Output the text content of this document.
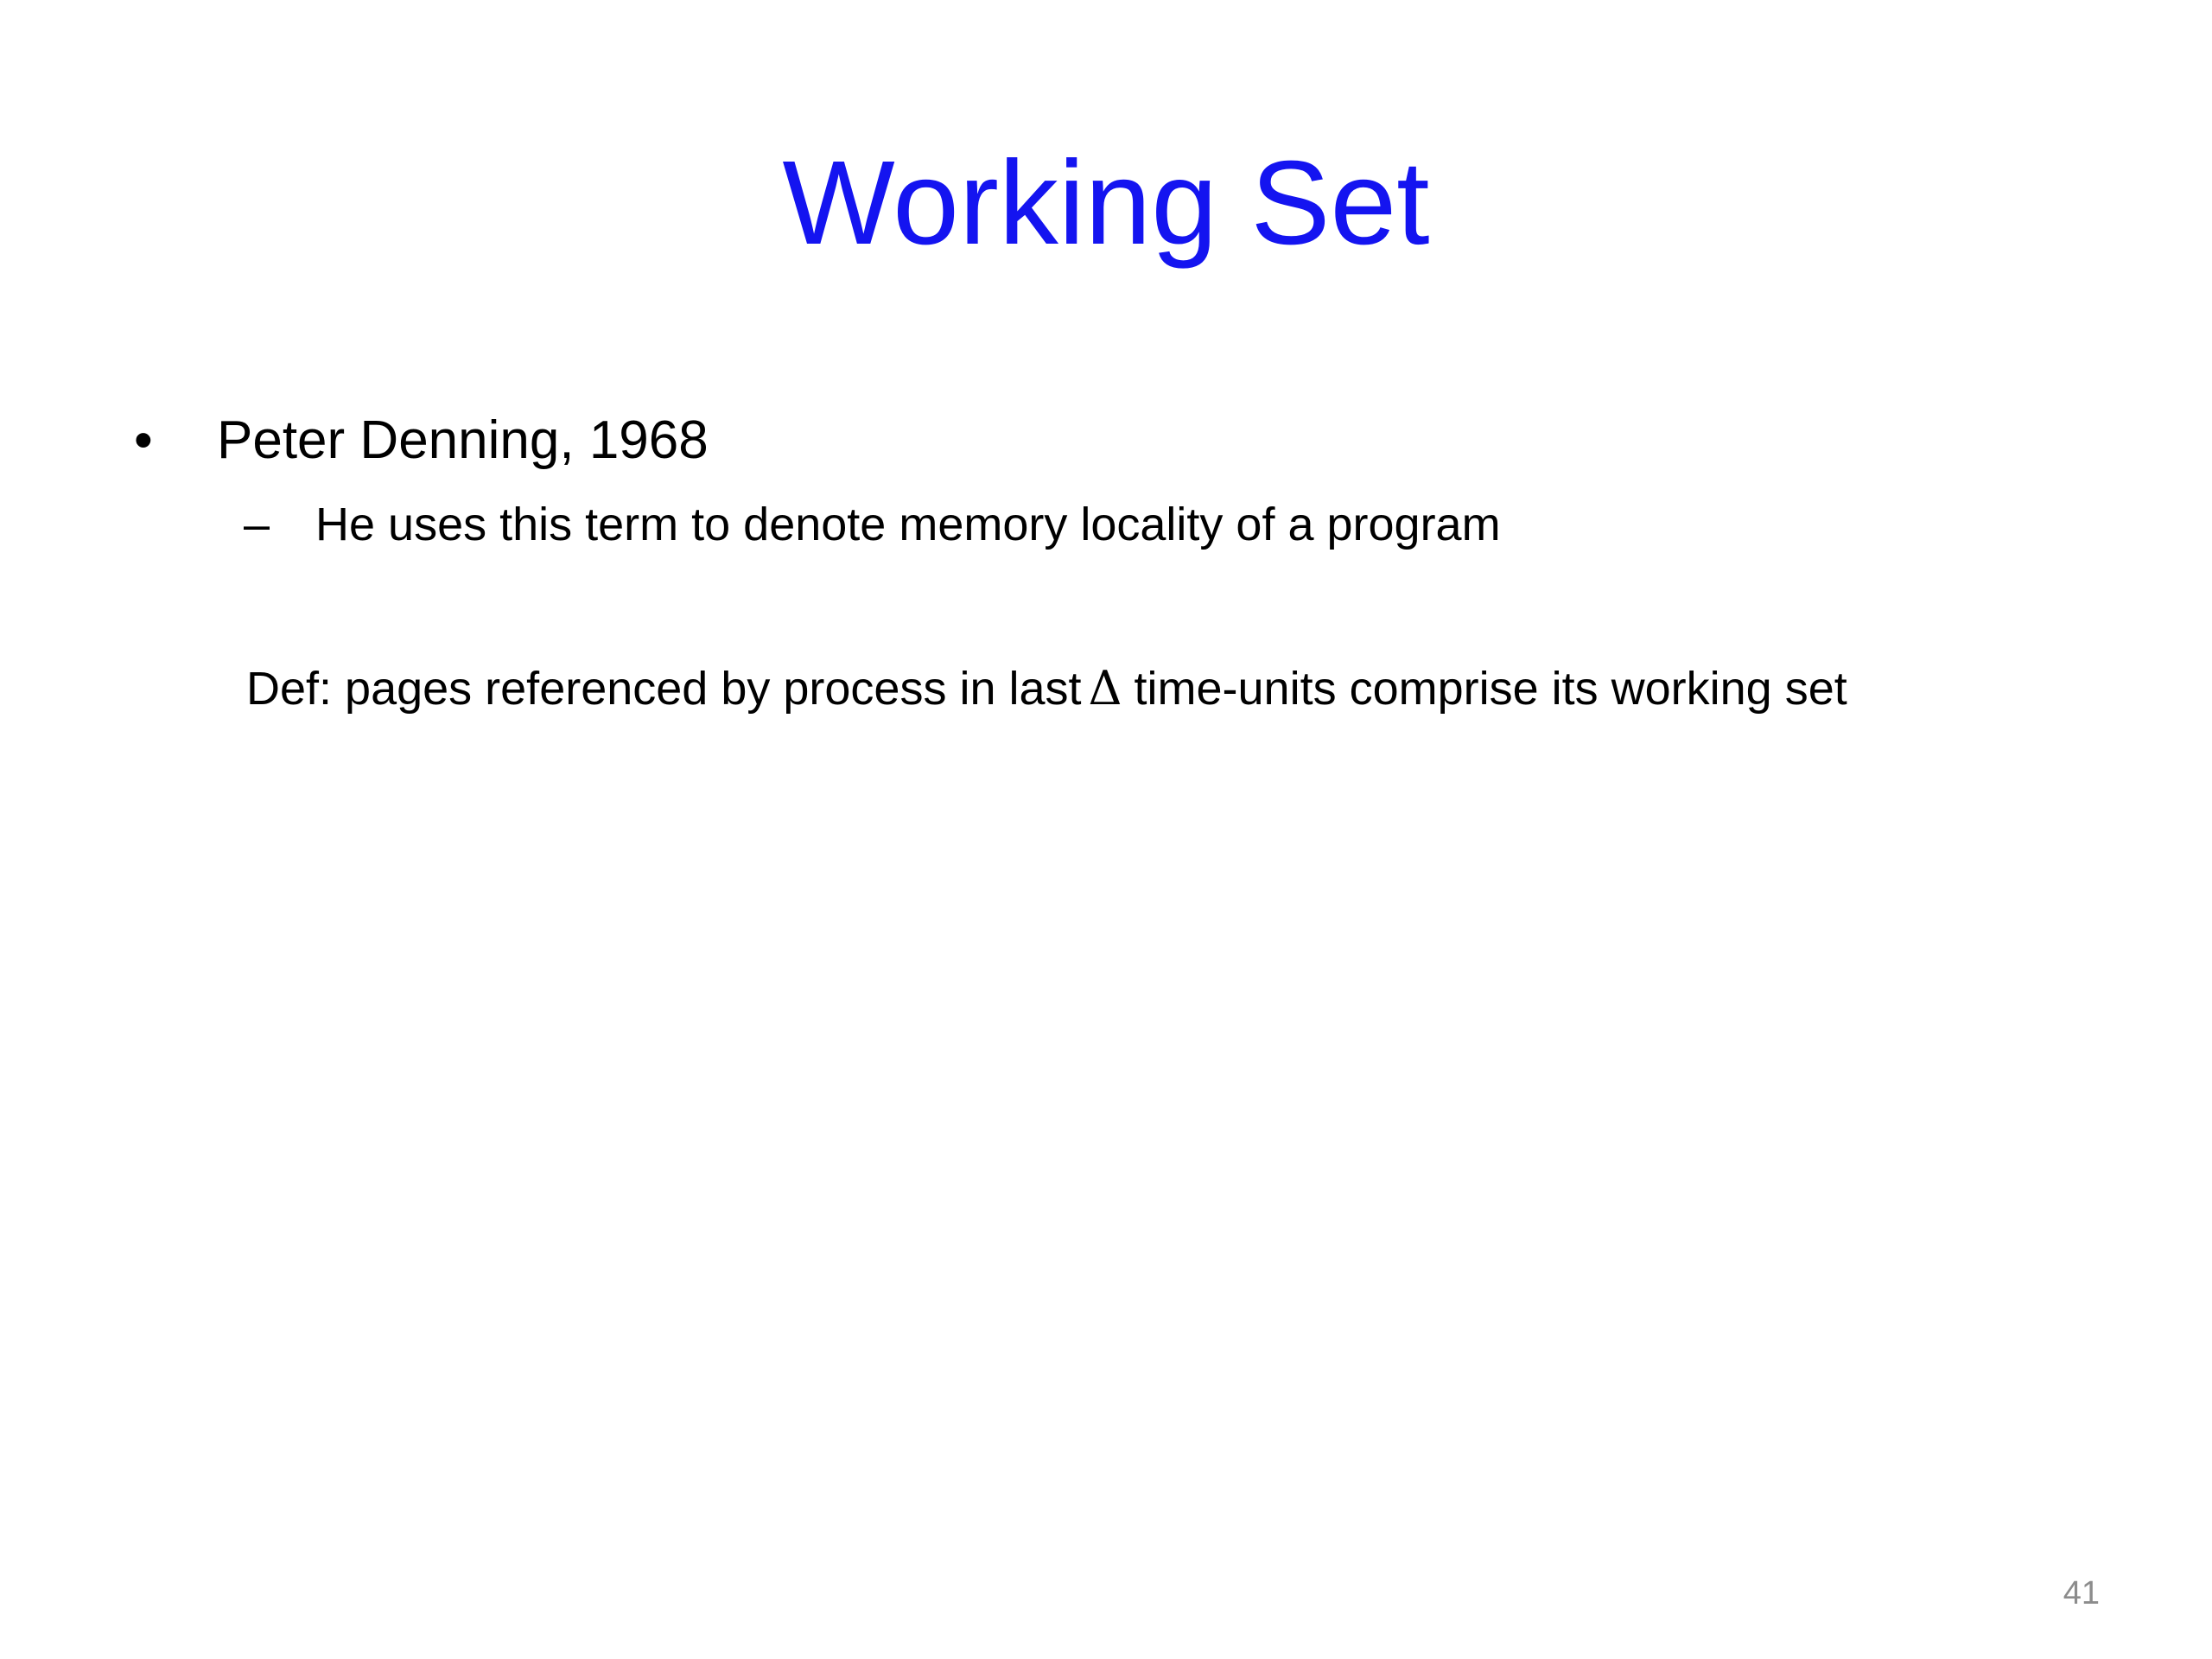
Working Set
• Peter Denning, 1968
– He uses this term to denote memory locality of a program
Def: pages referenced by process in last Δ time-units comprise its working set
41
